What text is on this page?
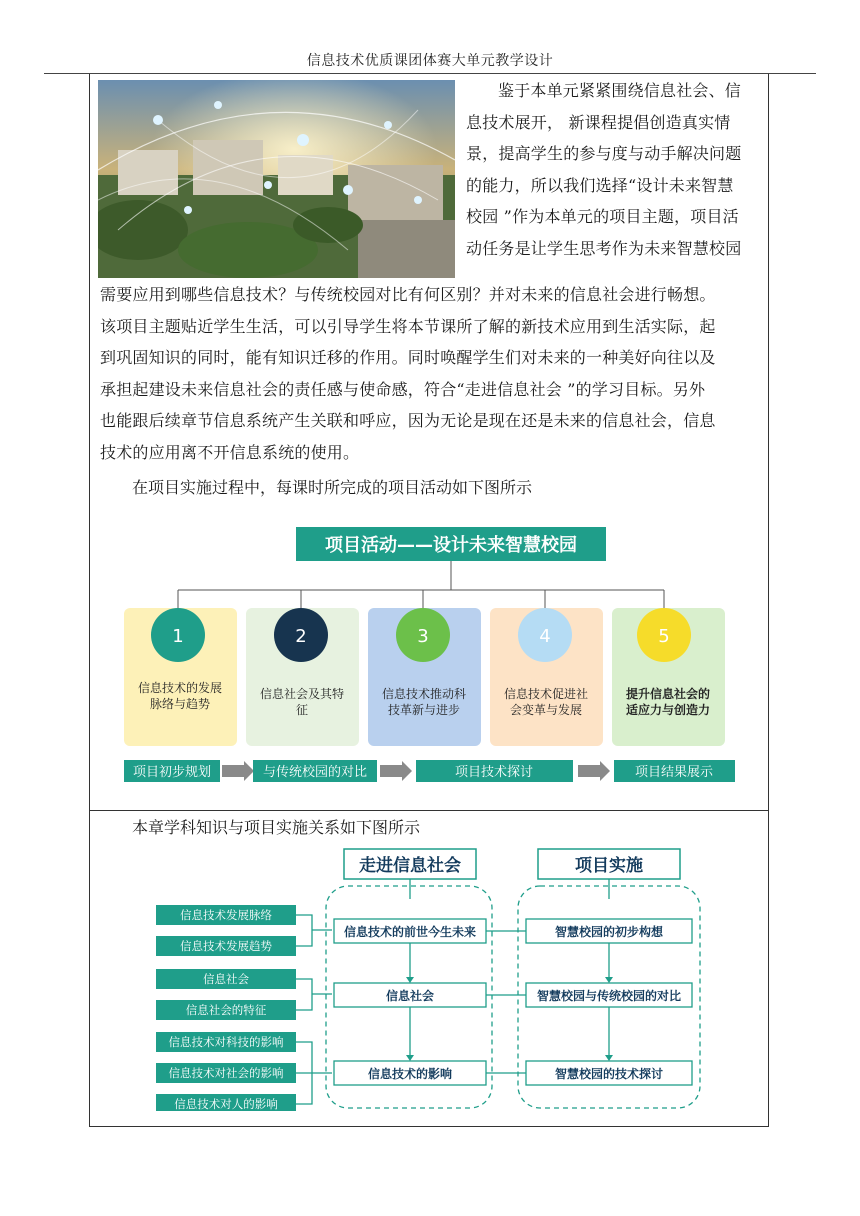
信息技术优质课团体赛大单元教学设计
鉴于本单元紧紧围绕信息社会、信
息技术展开， 新课程提倡创造真实情
景，提高学生的参与度与动手解决问题
的能力，所以我们选择“设计未来智慧
校园 ”作为本单元的项目主题，项目活
动任务是让学生思考作为未来智慧校园
需要应用到哪些信息技术？与传统校园对比有何区别？并对未来的信息社会进行畅想。
该项目主题贴近学生生活，可以引导学生将本节课所了解的新技术应用到生活实际，起
到巩固知识的同时，能有知识迁移的作用。同时唤醒学生们对未来的一种美好向往以及
承担起建设未来信息社会的责任感与使命感，符合“走进信息社会 ”的学习目标。另外
也能跟后续章节信息系统产生关联和呼应，因为无论是现在还是未来的信息社会，信息
技术的应用离不开信息系统的使用。
在项目实施过程中，每课时所完成的项目活动如下图所示
项目活动——设计未来智慧校园
1	2	3	4	5
信息技术的发展
脉络与趋势
信息社会及其特
征
信息技术推动科
技革新与进步
信息技术促进社
会变革与发展
提升信息社会的
适应力与创造力
项目初步规划	与传统校园的对比	项目技术探讨	项目结果展示
本章学科知识与项目实施关系如下图所示
走进信息社会	项目实施
信息技术发展脉络
信息技术发展趋势
信息社会
信息社会的特征
信息技术对科技的影响
信息技术对社会的影响
信息技术对人的影响
信息技术的前世今生未来
信息社会
信息技术的影响
智慧校园的初步构想
智慧校园与传统校园的对比
智慧校园的技术探讨
